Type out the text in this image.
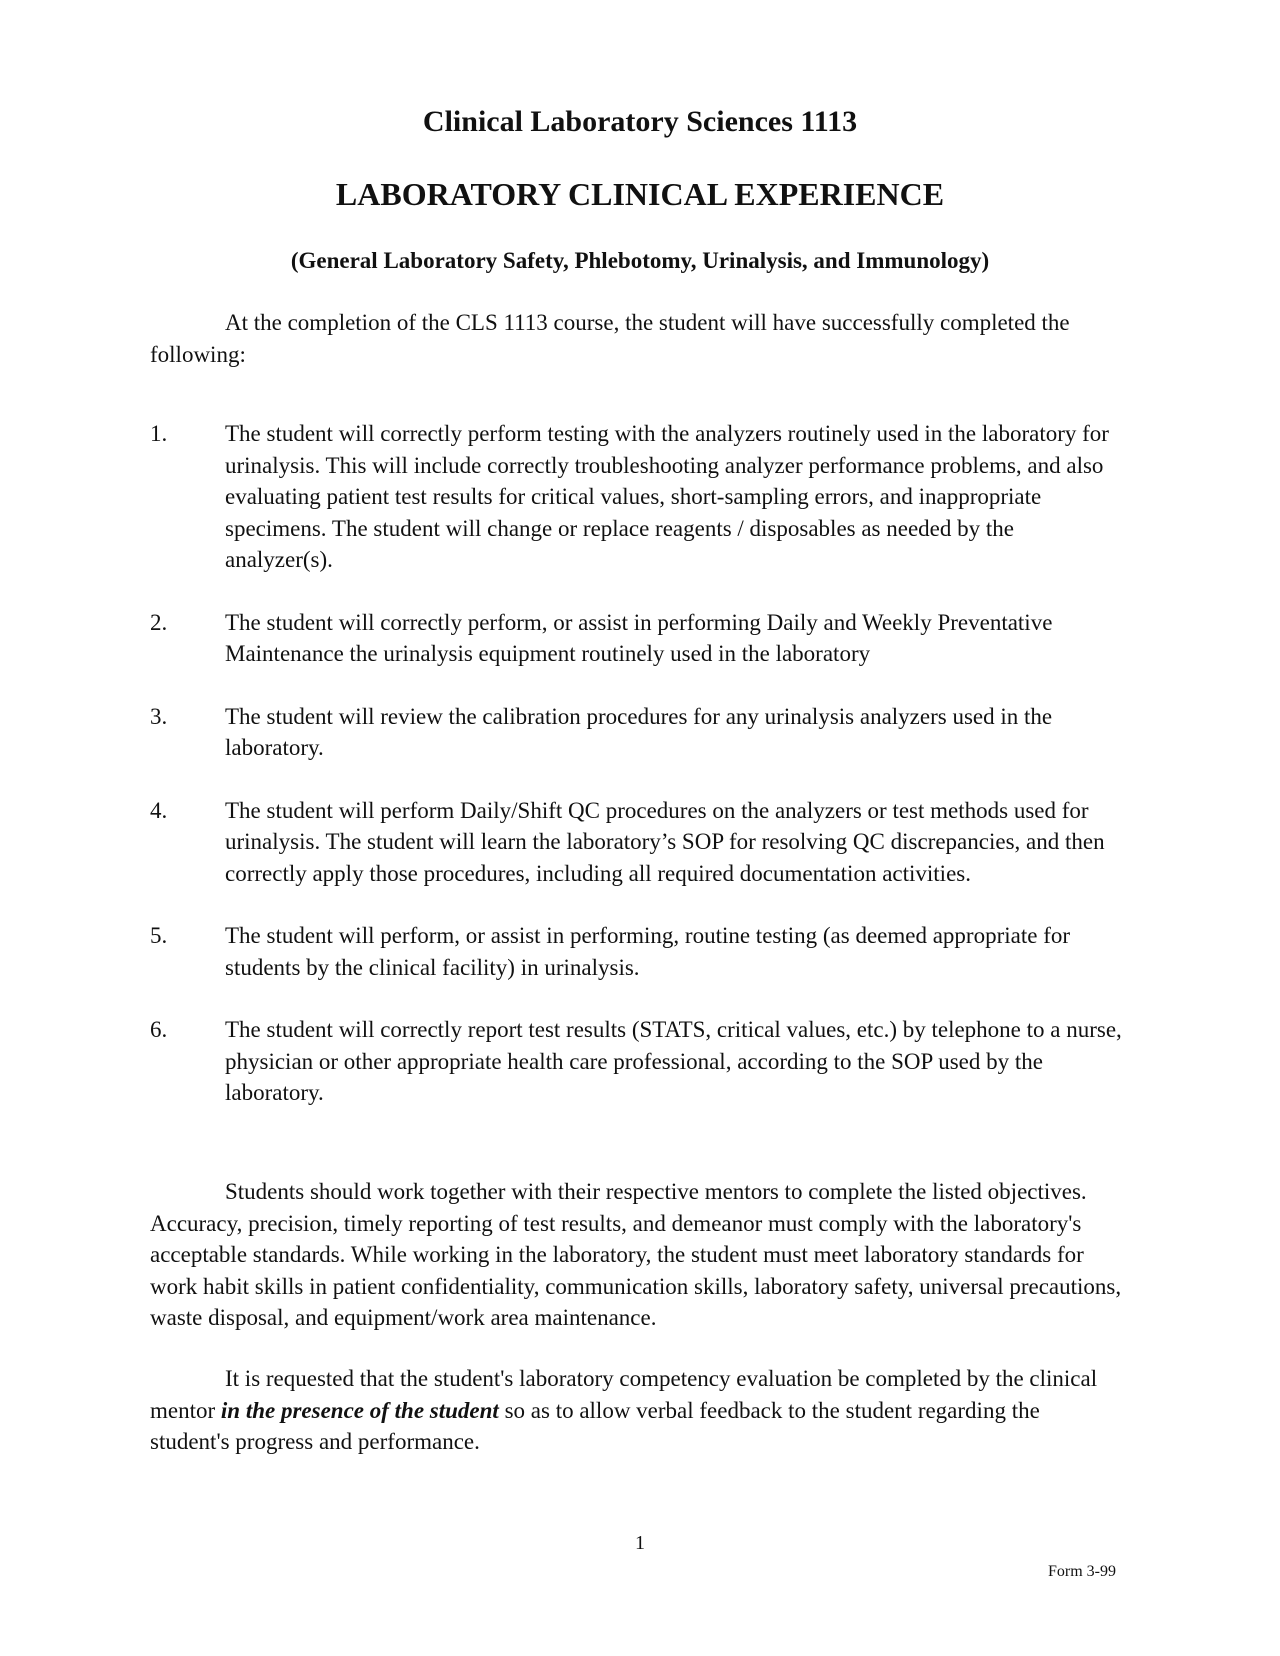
Clinical Laboratory Sciences 1113
LABORATORY CLINICAL EXPERIENCE
(General Laboratory Safety, Phlebotomy, Urinalysis, and Immunology)

At the completion of the CLS 1113 course, the student will have successfully completed the following:

1.	The student will correctly perform testing with the analyzers routinely used in the laboratory for urinalysis. This will include correctly troubleshooting analyzer performance problems, and also evaluating patient test results for critical values, short-sampling errors, and inappropriate specimens. The student will change or replace reagents / disposables as needed by the analyzer(s).
2.	The student will correctly perform, or assist in performing Daily and Weekly Preventative Maintenance the urinalysis equipment routinely used in the laboratory
3.	The student will review the calibration procedures for any urinalysis analyzers used in the laboratory.
4.	The student will perform Daily/Shift QC procedures on the analyzers or test methods used for urinalysis. The student will learn the laboratory’s SOP for resolving QC discrepancies, and then correctly apply those procedures, including all required documentation activities.
5.	The student will perform, or assist in performing, routine testing (as deemed appropriate for students by the clinical facility) in urinalysis.
6.	The student will correctly report test results (STATS, critical values, etc.) by telephone to a nurse, physician or other appropriate health care professional, according to the SOP used by the laboratory.

Students should work together with their respective mentors to complete the listed objectives. Accuracy, precision, timely reporting of test results, and demeanor must comply with the laboratory's acceptable standards. While working in the laboratory, the student must meet laboratory standards for work habit skills in patient confidentiality, communication skills, laboratory safety, universal precautions, waste disposal, and equipment/work area maintenance.

It is requested that the student's laboratory competency evaluation be completed by the clinical mentor in the presence of the student so as to allow verbal feedback to the student regarding the student's progress and performance.

1
Form 3-99
